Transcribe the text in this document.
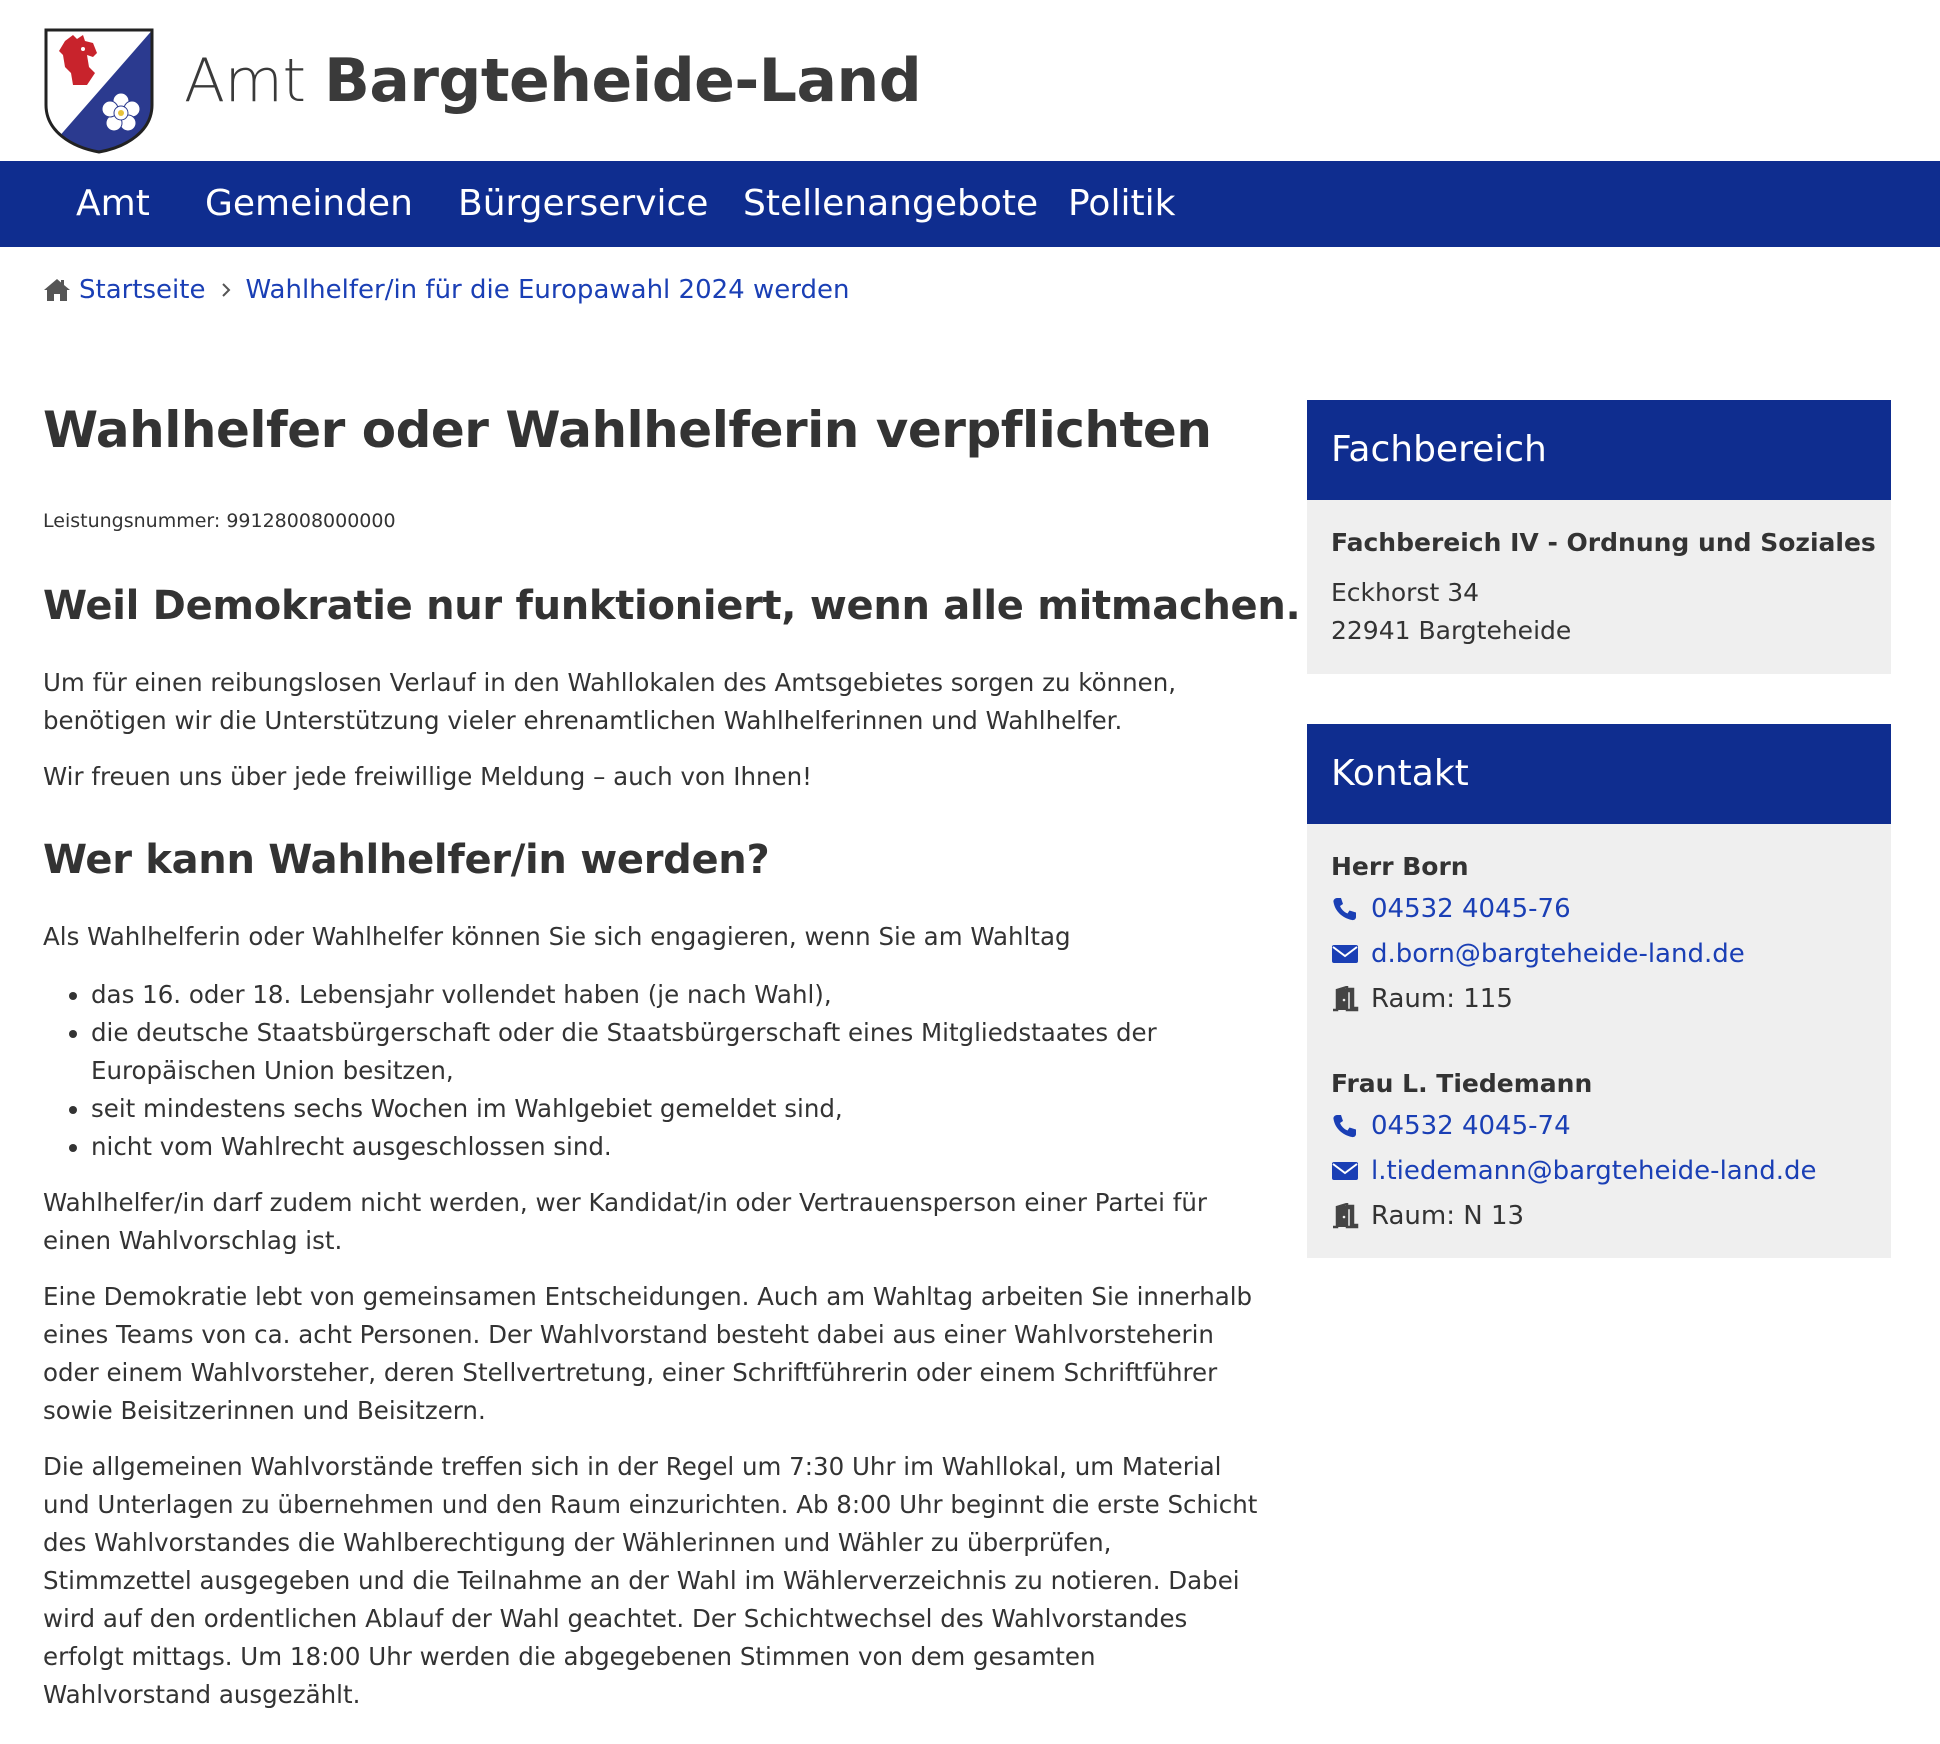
Amt Bargteheide-Land
Amt Gemeinden Bürgerservice Stellenangebote Politik
Startseite Wahlhelfer/in für die Europawahl 2024 werden
Wahlhelfer oder Wahlhelferin verpflichten
Leistungsnummer: 99128008000000
Weil Demokratie nur funktioniert, wenn alle mitmachen.

Um für einen reibungslosen Verlauf in den Wahllokalen des Amtsgebietes sorgen zu können, benötigen wir die Unterstützung vieler ehrenamtlichen Wahlhelferinnen und Wahlhelfer.

Wir freuen uns über jede freiwillige Meldung – auch von Ihnen!

Wer kann Wahlhelfer/in werden?

Als Wahlhelferin oder Wahlhelfer können Sie sich engagieren, wenn Sie am Wahltag

• das 16. oder 18. Lebensjahr vollendet haben (je nach Wahl),
• die deutsche Staatsbürgerschaft oder die Staatsbürgerschaft eines Mitgliedstaates der Europäischen Union besitzen,
• seit mindestens sechs Wochen im Wahlgebiet gemeldet sind,
• nicht vom Wahlrecht ausgeschlossen sind.

Wahlhelfer/in darf zudem nicht werden, wer Kandidat/in oder Vertrauensperson einer Partei für einen Wahlvorschlag ist.

Eine Demokratie lebt von gemeinsamen Entscheidungen. Auch am Wahltag arbeiten Sie innerhalb eines Teams von ca. acht Personen. Der Wahlvorstand besteht dabei aus einer Wahlvorsteherin oder einem Wahlvorsteher, deren Stellvertretung, einer Schriftführerin oder einem Schriftführer sowie Beisitzerinnen und Beisitzern.

Die allgemeinen Wahlvorstände treffen sich in der Regel um 7:30 Uhr im Wahllokal, um Material und Unterlagen zu übernehmen und den Raum einzurichten. Ab 8:00 Uhr beginnt die erste Schicht des Wahlvorstandes die Wahlberechtigung der Wählerinnen und Wähler zu überprüfen, Stimmzettel ausgegeben und die Teilnahme an der Wahl im Wählerverzeichnis zu notieren. Dabei wird auf den ordentlichen Ablauf der Wahl geachtet. Der Schichtwechsel des Wahlvorstandes erfolgt mittags. Um 18:00 Uhr werden die abgegebenen Stimmen von dem gesamten Wahlvorstand ausgezählt.

Fachbereich
Fachbereich IV - Ordnung und Soziales
Eckhorst 34
22941 Bargteheide
Kontakt
Herr Born
04532 4045-76
d.born@bargteheide-land.de
Raum: 115
Frau L. Tiedemann
04532 4045-74
l.tiedemann@bargteheide-land.de
Raum: N 13
